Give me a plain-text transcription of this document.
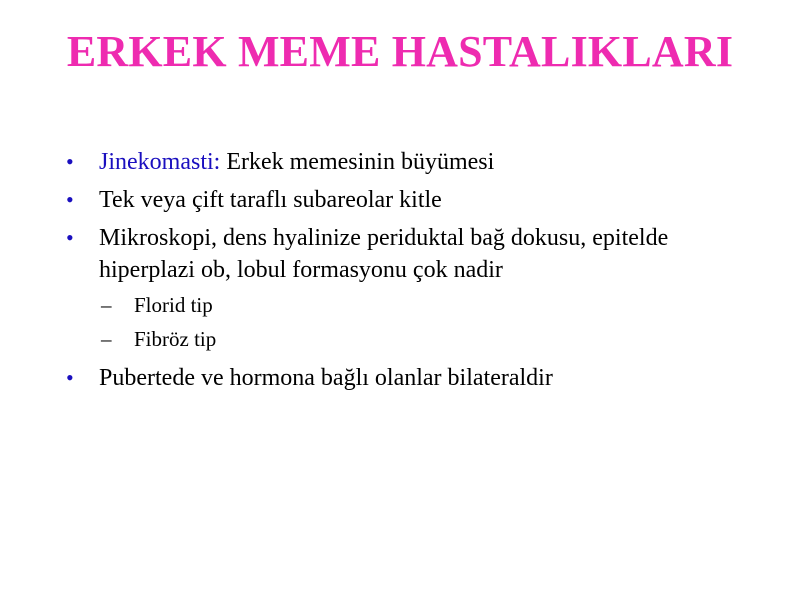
ERKEK MEME HASTALIKLARI
• Jinekomasti: Erkek memesinin büyümesi
• Tek veya çift taraflı subareolar kitle
• Mikroskopi, dens hyalinize periduktal bağ dokusu, epitelde hiperplazi ob, lobul formasyonu çok nadir
– Florid tip
– Fibröz tip
• Pubertede ve hormona bağlı olanlar bilateraldir
